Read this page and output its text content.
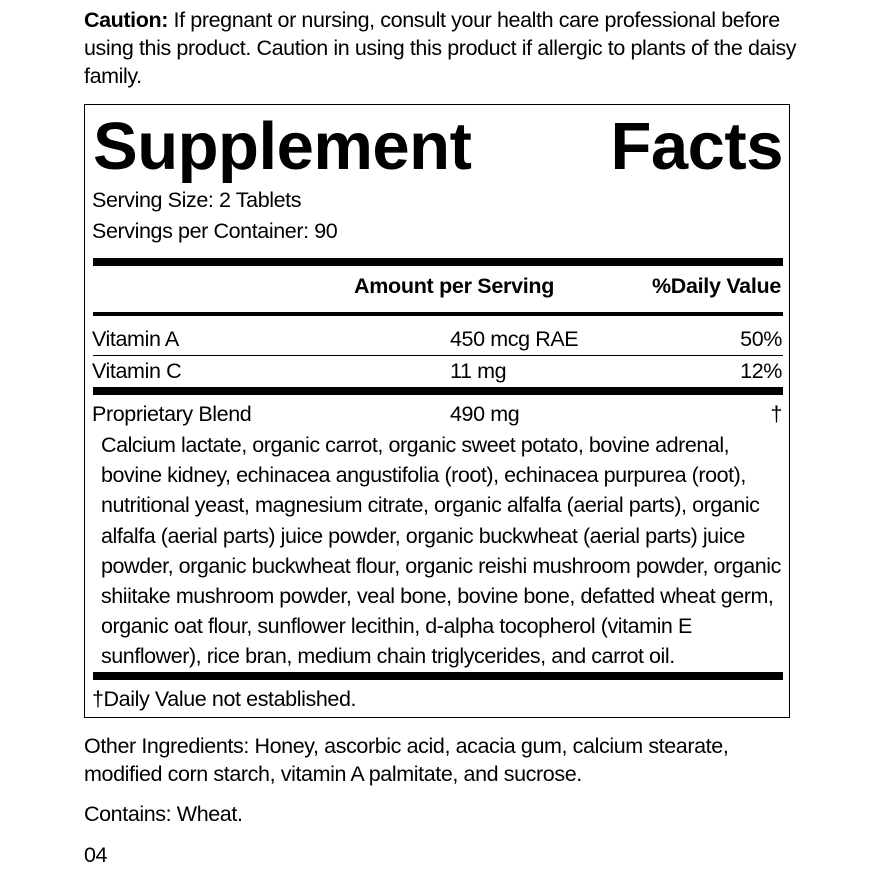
Caution: If pregnant or nursing, consult your health care professional before using this product. Caution in using this product if allergic to plants of the daisy family.
Supplement Facts
Serving Size: 2 Tablets
Servings per Container: 90
Amount per Serving	%Daily Value
Vitamin A	450 mcg RAE	50%
Vitamin C	11 mg	12%
Proprietary Blend	490 mg	†
Calcium lactate, organic carrot, organic sweet potato, bovine adrenal, bovine kidney, echinacea angustifolia (root), echinacea purpurea (root), nutritional yeast, magnesium citrate, organic alfalfa (aerial parts), organic alfalfa (aerial parts) juice powder, organic buckwheat (aerial parts) juice powder, organic buckwheat flour, organic reishi mushroom powder, organic shiitake mushroom powder, veal bone, bovine bone, defatted wheat germ, organic oat flour, sunflower lecithin, d-alpha tocopherol (vitamin E sunflower), rice bran, medium chain triglycerides, and carrot oil.
†Daily Value not established.
Other Ingredients: Honey, ascorbic acid, acacia gum, calcium stearate, modified corn starch, vitamin A palmitate, and sucrose.
Contains: Wheat.
04
